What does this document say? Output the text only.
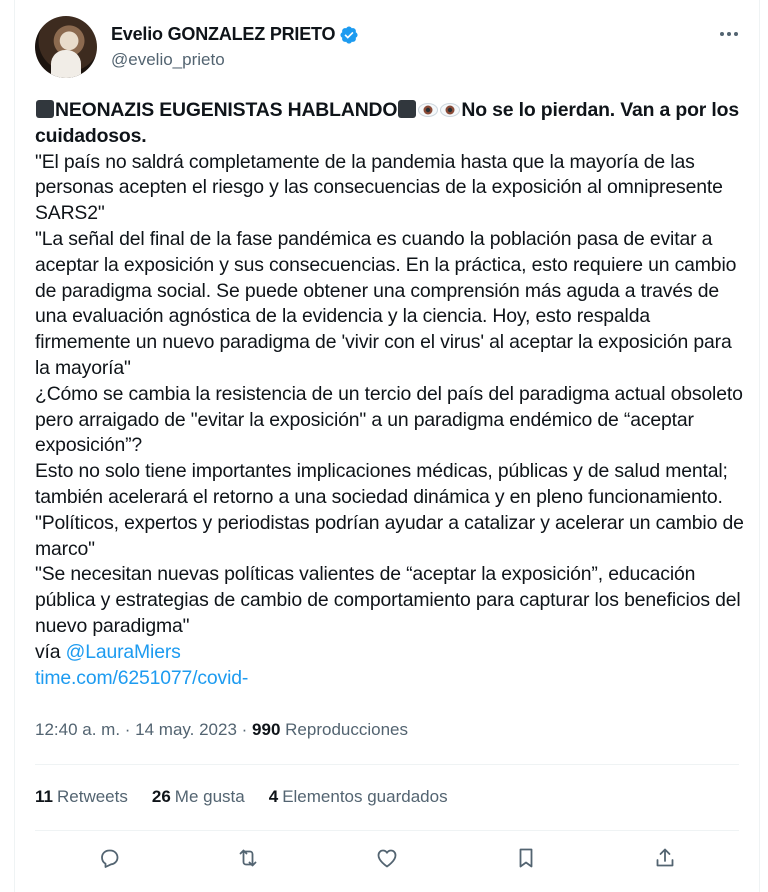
Evelio GONZALEZ PRIETO
@evelio_prieto

NEONAZIS EUGENISTAS HABLANDO	No se lo pierdan. Van a por los cuidadosos.

"El país no saldrá completamente de la pandemia hasta que la mayoría de las personas acepten el riesgo y las consecuencias de la exposición al omnipresente SARS2"

"La señal del final de la fase pandémica es cuando la población pasa de evitar a aceptar la exposición y sus consecuencias. En la práctica, esto requiere un cambio de paradigma social. Se puede obtener una comprensión más aguda a través de una evaluación agnóstica de la evidencia y la ciencia. Hoy, esto respalda firmemente un nuevo paradigma de 'vivir con el virus' al aceptar la exposición para la mayoría"

¿Cómo se cambia la resistencia de un tercio del país del paradigma actual obsoleto pero arraigado de "evitar la exposición" a un paradigma endémico de “aceptar exposición”?

Esto no solo tiene importantes implicaciones médicas, públicas y de salud mental; también acelerará el retorno a una sociedad dinámica y en pleno funcionamiento.

"Políticos, expertos y periodistas podrían ayudar a catalizar y acelerar un cambio de marco"

"Se necesitan nuevas políticas valientes de “aceptar la exposición”, educación pública y estrategias de cambio de comportamiento para capturar los beneficios del nuevo paradigma"

vía @LauraMiers

time.com/6251077/covid-

12:40 a. m. · 14 may. 2023 · 990 Reproducciones
11 Retweets 26 Me gusta 4 Elementos guardados
